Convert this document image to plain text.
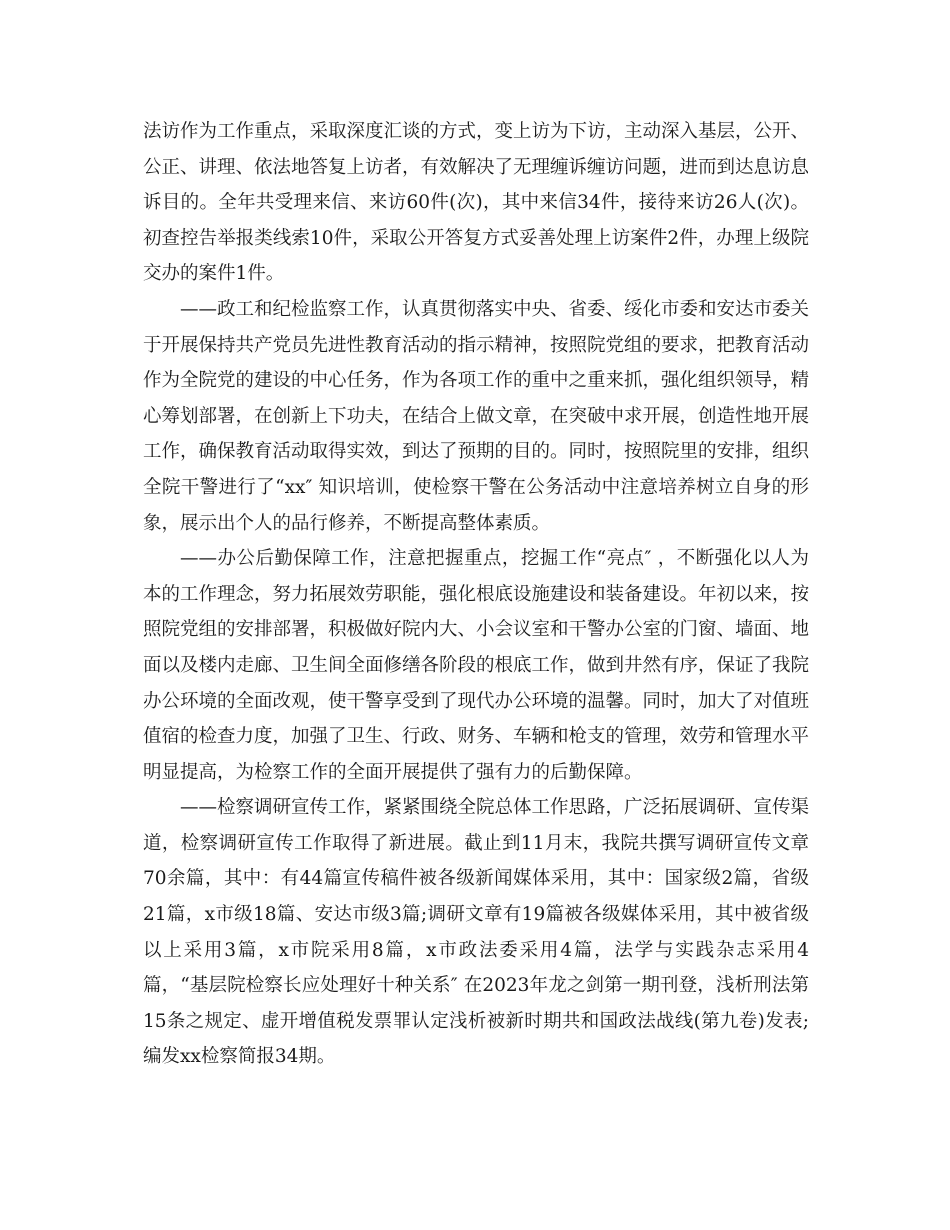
法访作为工作重点，采取深度汇谈的方式，变上访为下访，主动深入基层，公开、公正、讲理、依法地答复上访者，有效解决了无理缠诉缠访问题，进而到达息访息诉目的。全年共受理来信、来访60件(次)，其中来信34件，接待来访26人(次)。初查控告举报类线索10件，采取公开答复方式妥善处理上访案件2件，办理上级院交办的案件1件。

——政工和纪检监察工作，认真贯彻落实中央、省委、绥化市委和安达市委关于开展保持共产党员先进性教育活动的指示精神，按照院党组的要求，把教育活动作为全院党的建设的中心任务，作为各项工作的重中之重来抓，强化组织领导，精心筹划部署，在创新上下功夫，在结合上做文章，在突破中求开展，创造性地开展工作，确保教育活动取得实效，到达了预期的目的。同时，按照院里的安排，组织全院干警进行了“xx″ 知识培训，使检察干警在公务活动中注意培养树立自身的形象，展示出个人的品行修养，不断提高整体素质。

——办公后勤保障工作，注意把握重点，挖掘工作“亮点″ ，不断强化以人为本的工作理念，努力拓展效劳职能，强化根底设施建设和装备建设。年初以来，按照院党组的安排部署，积极做好院内大、小会议室和干警办公室的门窗、墙面、地面以及楼内走廊、卫生间全面修缮各阶段的根底工作，做到井然有序，保证了我院办公环境的全面改观，使干警享受到了现代办公环境的温馨。同时，加大了对值班值宿的检查力度，加强了卫生、行政、财务、车辆和枪支的管理，效劳和管理水平明显提高，为检察工作的全面开展提供了强有力的后勤保障。

——检察调研宣传工作，紧紧围绕全院总体工作思路，广泛拓展调研、宣传渠道，检察调研宣传工作取得了新进展。截止到11月末，我院共撰写调研宣传文章70余篇，其中：有44篇宣传稿件被各级新闻媒体采用，其中：国家级2篇，省级21篇，x市级18篇、安达市级3篇;调研文章有19篇被各级媒体采用，其中被省级以上采用3篇，x市院采用8篇，x市政法委采用4篇，法学与实践杂志采用4篇，“基层院检察长应处理好十种关系″ 在2023年龙之剑第一期刊登，浅析刑法第15条之规定、虚开增值税发票罪认定浅析被新时期共和国政法战线(第九卷)发表;编发xx检察简报34期。
